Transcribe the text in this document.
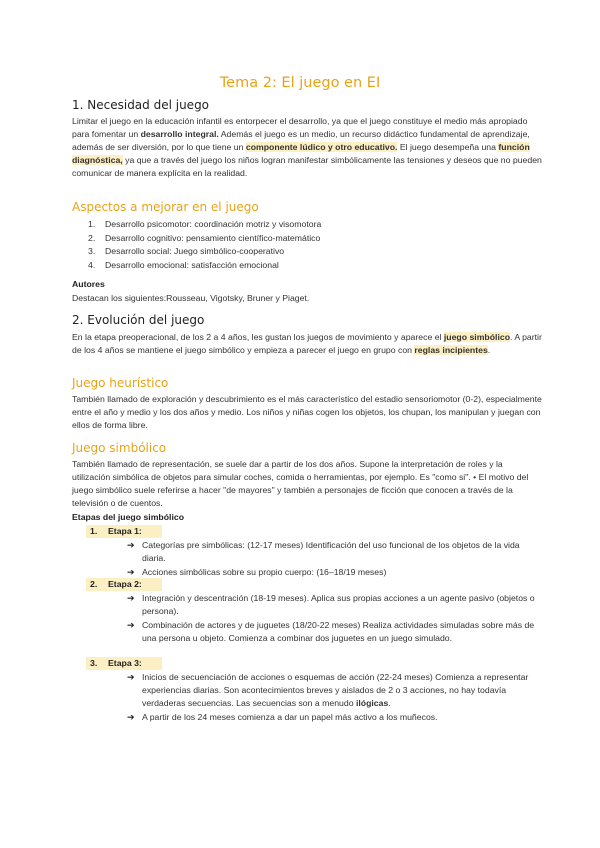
Tema 2: El juego en EI
1. Necesidad del juego
Limitar el juego en la educación infantil es entorpecer el desarrollo, ya que el juego constituye el medio más apropiado para fomentar un desarrollo integral. Además el juego es un medio, un recurso didáctico fundamental de aprendizaje, además de ser diversión, por lo que tiene un componente lúdico y otro educativo. El juego desempeña una función diagnóstica, ya que a través del juego los niños logran manifestar simbólicamente las tensiones y deseos que no pueden comunicar de manera explícita en la realidad.
Aspectos a mejorar en el juego
1. Desarrollo psicomotor: coordinación motriz y visomotora
2. Desarrollo cognitivo: pensamiento científico-matemático
3. Desarrollo social: Juego simbólico-cooperativo
4. Desarrollo emocional: satisfacción emocional
Autores
Destacan los siguientes:Rousseau, Vigotsky, Bruner y Piaget.
2. Evolución del juego
En la etapa preoperacional, de los 2 a 4 años, les gustan los juegos de movimiento y aparece el juego simbólico. A partir de los 4 años se mantiene el juego simbólico y empieza a parecer el juego en grupo con reglas incipientes.
Juego heurístico
También llamado de exploración y descubrimiento es el más característico del estadio sensoriomotor (0-2), especialmente entre el año y medio y los dos años y medio. Los niños y niñas cogen los objetos, los chupan, los manipulan y juegan con ellos de forma libre.
Juego simbólico
También llamado de representación, se suele dar a partir de los dos años. Supone la interpretación de roles y la utilización simbólica de objetos para simular coches, comida o herramientas, por ejemplo. Es "como si". • El motivo del juego simbólico suele referirse a hacer "de mayores" y también a personajes de ficción que conocen a través de la televisión o de cuentos.
Etapas del juego simbólico
1. Etapa 1:
➔ Categorías pre simbólicas: (12-17 meses) Identificación del uso funcional de los objetos de la vida diaria.
➔ Acciones simbólicas sobre su propio cuerpo: (16–18/19 meses)
2. Etapa 2:
➔ Integración y descentración (18-19 meses). Aplica sus propias acciones a un agente pasivo (objetos o persona).
➔ Combinación de actores y de juguetes (18/20-22 meses) Realiza actividades simuladas sobre más de una persona u objeto. Comienza a combinar dos juguetes en un juego simulado.
3. Etapa 3:
➔ Inicios de secuenciación de acciones o esquemas de acción (22-24 meses) Comienza a representar experiencias diarias. Son acontecimientos breves y aislados de 2 o 3 acciones, no hay todavía verdaderas secuencias. Las secuencias son a menudo ilógicas.
➔ A partir de los 24 meses comienza a dar un papel más activo a los muñecos.
